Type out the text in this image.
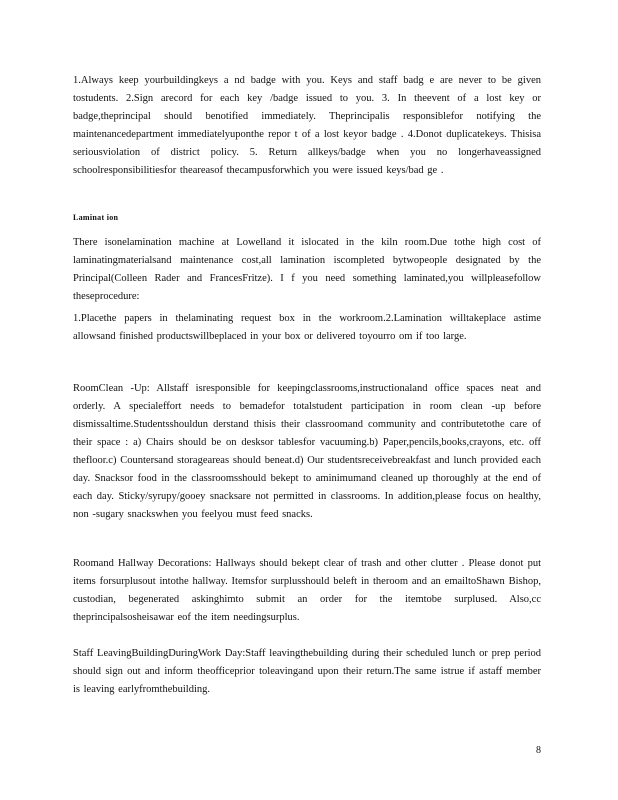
1.Always keep yourbuildingkeys a nd badge with you. Keys and staff badg e are never to be given tostudents. 2.Sign arecord for each key /badge issued to you. 3. In theevent of a lost key or badge,theprincipal should benotified immediately. Theprincipalis responsiblefor notifying the maintenancedepartment immediatelyuponthe repor t of a lost keyor badge . 4.Donot duplicatekeys. Thisisa seriousviolation of district policy. 5. Return allkeys/badge when you no longerhaveassigned schoolresponsibilitiesfor theareasof thecampusforwhich you were issued keys/bad ge .

Laminat ion

There isonelamination machine at Lowelland it islocated in the kiln room.Due tothe high cost of laminatingmaterialsand maintenance cost,all lamination iscompleted bytwopeople designated by the Principal(Colleen Rader and FrancesFritze). I f you need something laminated,you willpleasefollow theseprocedure:

1.Placethe papers in thelaminating request box in the workroom.2.Lamination willtakeplace astime allowsand finished productswillbeplaced in your box or delivered toyourro om if too large.

RoomClean -Up: Allstaff isresponsible for keepingclassrooms,instructionaland office spaces neat and orderly. A specialeffort needs to bemadefor totalstudent participation in room clean -up before dismissaltime.Studentsshouldun derstand thisis their classroomand community and contributetothe care of their space : a) Chairs should be on desksor tablesfor vacuuming.b) Paper,pencils,books,crayons, etc. off thefloor.c) Countersand storageareas should beneat.d) Our studentsreceivebreakfast and lunch provided each day. Snacksor food in the classroomsshould bekept to aminimumand cleaned up thoroughly at the end of each day. Sticky/syrupy/gooey snacksare not permitted in classrooms. In addition,please focus on healthy, non -sugary snackswhen you feelyou must feed snacks.

Roomand Hallway Decorations: Hallways should bekept clear of trash and other clutter . Please donot put items forsurplusout intothe hallway. Itemsfor surplusshould beleft in theroom and an emailtoShawn Bishop, custodian, begenerated askinghimto submit an order for the itemtobe surplused. Also,cc theprincipalsoshеisawar eof the item needingsurplus.

Staff LeavingBuildingDuringWork Day:Staff leavingthebuilding during their scheduled lunch or prep period should sign out and inform theofficeprior toleavingand upon their return.The same istrue if astaff member is leaving earlyfromthebuilding.

8
